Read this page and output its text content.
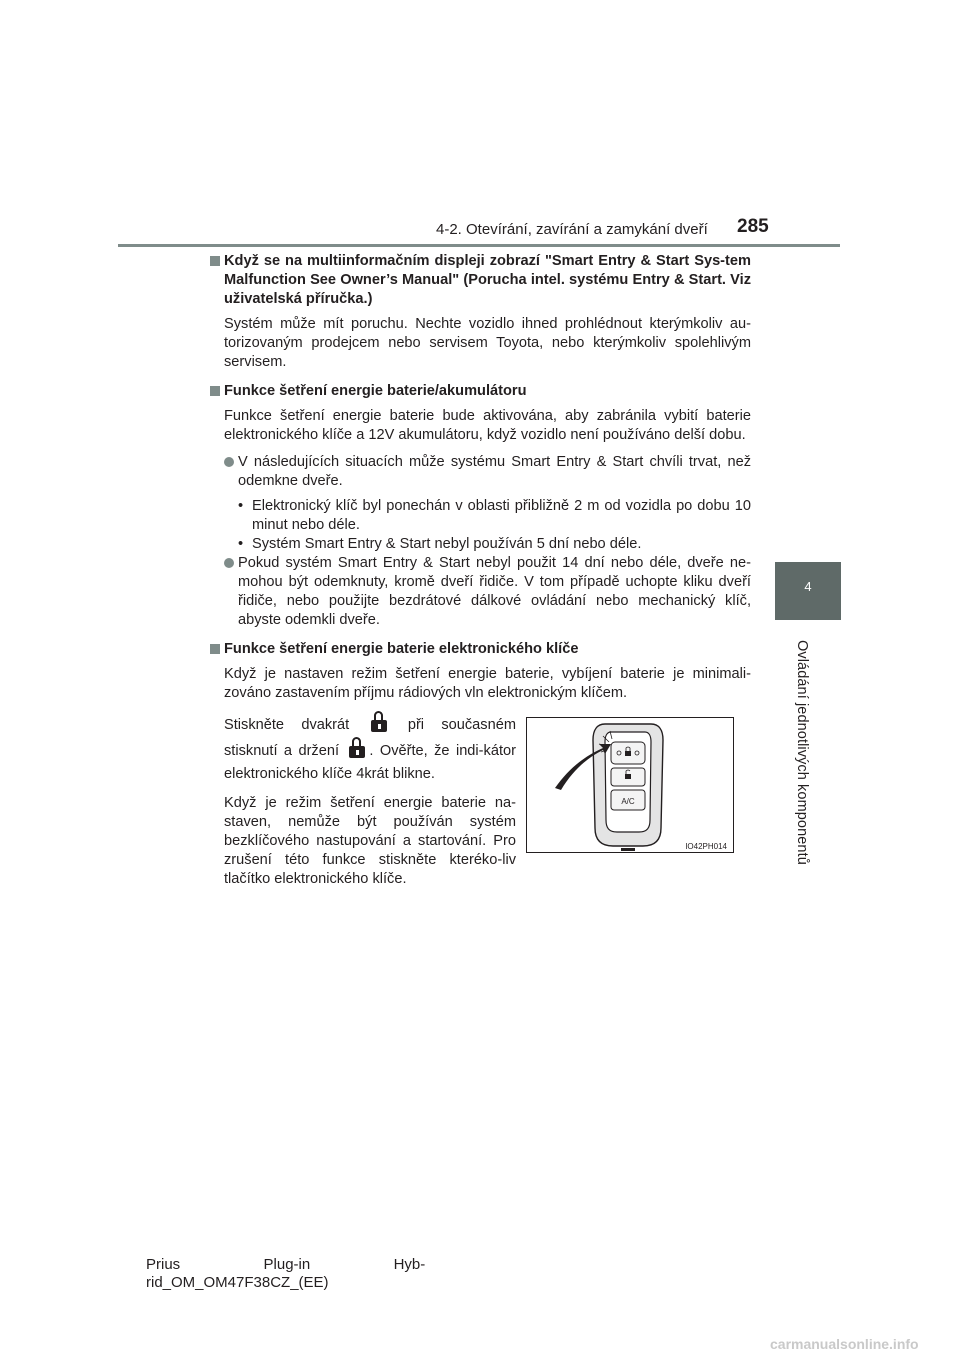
4-2. Otevírání, zavírání a zamykání dveří 285
4
Ovládání jednotlivých komponentů
Když se na multiinformačním displeji zobrazí "Smart Entry & Start Sys-tem Malfunction See Owner’s Manual" (Porucha intel. systému Entry & Start. Viz uživatelská příručka.)
Systém může mít poruchu. Nechte vozidlo ihned prohlédnout kterýmkoliv au-torizovaným prodejcem nebo servisem Toyota, nebo kterýmkoliv spolehlivým servisem.
Funkce šetření energie baterie/akumulátoru
Funkce šetření energie baterie bude aktivována, aby zabránila vybití baterie elektronického klíče a 12V akumulátoru, když vozidlo není používáno delší dobu.
V následujících situacích může systému Smart Entry & Start chvíli trvat, než odemkne dveře.
• Elektronický klíč byl ponechán v oblasti přibližně 2 m od vozidla po dobu 10 minut nebo déle.
• Systém Smart Entry & Start nebyl používán 5 dní nebo déle.
Pokud systém Smart Entry & Start nebyl použit 14 dní nebo déle, dveře ne-mohou být odemknuty, kromě dveří řidiče. V tom případě uchopte kliku dveří řidiče, nebo použijte bezdrátové dálkové ovládání nebo mechanický klíč, abyste odemkli dveře.
Funkce šetření energie baterie elektronického klíče
Když je nastaven režim šetření energie baterie, vybíjení baterie je minimali-zováno zastavením příjmu rádiových vln elektronickým klíčem.
Stiskněte dvakrát	při současném stisknutí a držení . Ověřte, že indi-kátor elektronického klíče 4krát blikne.
Když je režim šetření energie baterie na-staven, nemůže být používán systém bezklíčového nastupování a startování. Pro zrušení této funkce stiskněte kteréko-liv tlačítko elektronického klíče.
A/C
IO42PH014
Prius                    Plug-in                    Hyb-
rid_OM_OM47F38CZ_(EE)
carmanualsonline.info
